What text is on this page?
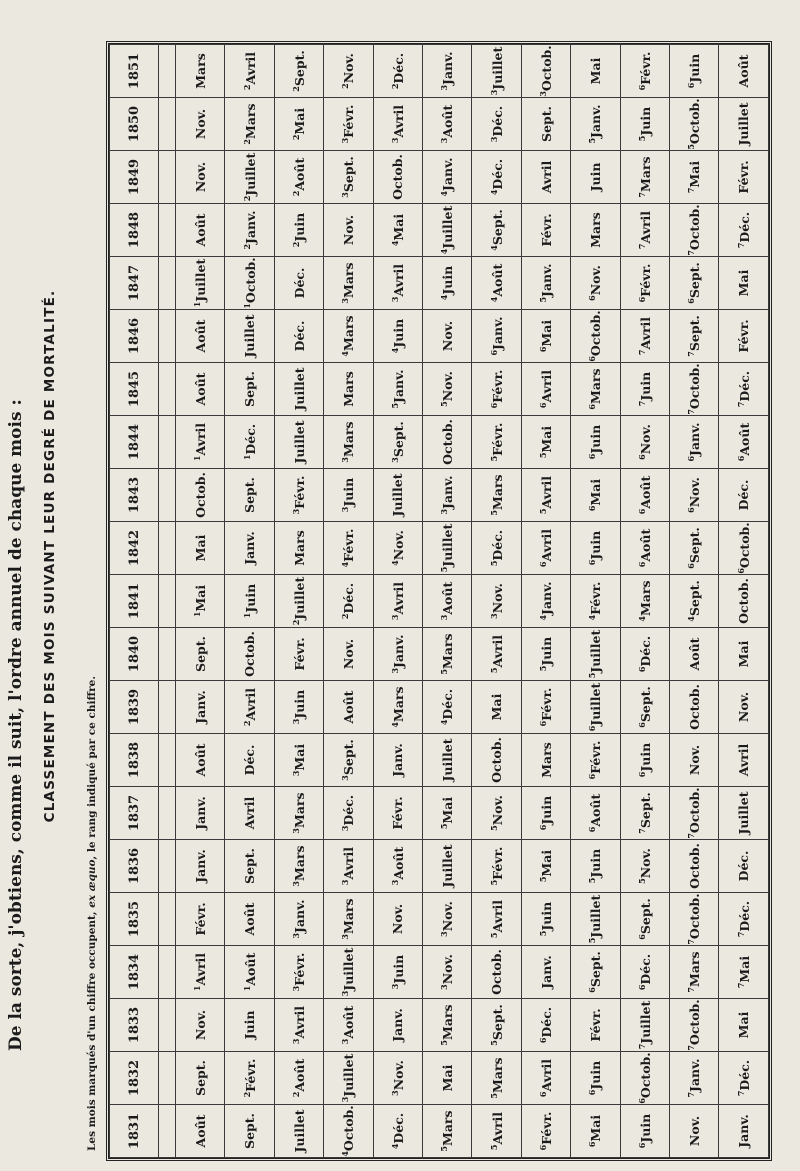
De la sorte, j'obtiens, comme il suit, l'ordre annuel de chaque mois : CLASSEMENT DES MOIS SUIVANT LEUR DEGRÉ DE MORTALITÉ.
Les mois marqués d'un chiffre occupent, ex æquo, le rang indiqué par ce chiffre.
1831	1832	1833	1834	1835	1836	1837	1838	1839	1840	1841	1842	1843	1844	1845	1846	1847	1848	1849	1850	1851

Août	Sept.	Nov.	$^1$Avril	Févr.	Janv.	Janv.	Août	Janv.	Sept.	$^1$Mai	Mai	Octob.	$^1$Avril	Août	Août	$^1$Juillet	Août	Nov.	Nov.	Mars
Sept.	$^2$Févr.	Juin	$^1$Août	Août	Sept.	Avril	Déc.	$^2$Avril	Octob.	$^1$Juin	Janv.	Sept.	$^1$Déc.	Sept.	Juillet	$^1$Octob.	$^2$Janv.	$^2$Juillet	$^2$Mars	$^2$Avril
Juillet	$^2$Août	$^3$Avril	$^3$Févr.	$^3$Janv.	$^3$Mars	$^3$Mars	$^3$Mai	$^3$Juin	Févr.	$^2$Juillet	Mars	$^3$Févr.	Juillet	Juillet	Déc.	Déc.	$^2$Juin	$^2$Août	$^2$Mai	$^2$Sept.
$^4$Octob.	$^3$Juillet	$^3$Août	$^3$Juillet	$^3$Mars	$^3$Avril	$^3$Déc.	$^3$Sept.	Août	Nov.	$^2$Déc.	$^4$Févr.	$^3$Juin	$^3$Mars	Mars	$^4$Mars	$^3$Mars	Nov.	$^3$Sept.	$^3$Févr.	$^2$Nov.
$^4$Déc.	$^3$Nov.	Janv.	$^3$Juin	Nov.	$^3$Août	Févr.	Janv.	$^4$Mars	$^3$Janv.	$^3$Avril	$^4$Nov.	Juillet	$^3$Sept.	$^5$Janv.	$^4$Juin	$^3$Avril	$^4$Mai	Octob.	$^3$Avril	$^2$Déc.
$^5$Mars	Mai	$^5$Mars	$^3$Nov.	$^3$Nov.	Juillet	$^5$Mai	Juillet	$^4$Déc.	$^5$Mars	$^3$Août	$^5$Juillet	$^3$Janv.	Octob.	$^5$Nov.	Nov.	$^4$Juin	$^4$Juillet	$^4$Janv.	$^3$Août	$^3$Janv.
$^5$Avril	$^5$Mars	$^5$Sept.	Octob.	$^5$Avril	$^5$Févr.	$^5$Nov.	Octob.	Mai	$^5$Avril	$^3$Nov.	$^5$Déc.	$^5$Mars	$^5$Févr.	$^6$Févr.	$^6$Janv.	$^4$Août	$^4$Sept.	$^4$Déc.	$^3$Déc.	$^3$Juillet
$^6$Févr.	$^6$Avril	$^6$Déc.	Janv.	$^5$Juin	$^5$Mai	$^6$Juin	Mars	$^6$Févr.	$^5$Juin	$^4$Janv.	$^6$Avril	$^5$Avril	$^5$Mai	$^6$Avril	$^6$Mai	$^5$Janv.	Févr.	Avril	Sept.	$^3$Octob.
$^6$Mai	$^6$Juin	Févr.	$^6$Sept.	$^5$Juillet	$^5$Juin	$^6$Août	$^6$Févr.	$^6$Juillet	$^5$Juillet	$^4$Févr.	$^6$Juin	$^6$Mai	$^6$Juin	$^6$Mars	$^6$Octob.	$^6$Nov.	Mars	Juin	$^5$Janv.	Mai
$^6$Juin	$^6$Octob.	$^7$Juillet	$^6$Déc.	$^6$Sept.	$^5$Nov.	$^7$Sept.	$^6$Juin	$^6$Sept.	$^6$Déc.	$^4$Mars	$^6$Août	$^6$Août	$^6$Nov.	$^7$Juin	$^7$Avril	$^6$Févr.	$^7$Avril	$^7$Mars	$^5$Juin	$^6$Févr.
Nov.	$^7$Janv.	$^7$Octob.	$^7$Mars	$^7$Octob.	Octob.	$^7$Octob.	Nov.	Octob.	Août	$^4$Sept.	$^6$Sept.	$^6$Nov.	$^6$Janv.	$^7$Octob.	$^7$Sept.	$^6$Sept.	$^7$Octob.	$^7$Mai	$^5$Octob.	$^6$Juin
Janv.	$^7$Déc.	Mai	$^7$Mai	$^7$Déc.	Déc.	Juillet	Avril	Nov.	Mai	Octob.	$^6$Octob.	Déc.	$^6$Août	$^7$Déc.	Févr.	Mai	$^7$Déc.	Févr.	Juillet	Août
